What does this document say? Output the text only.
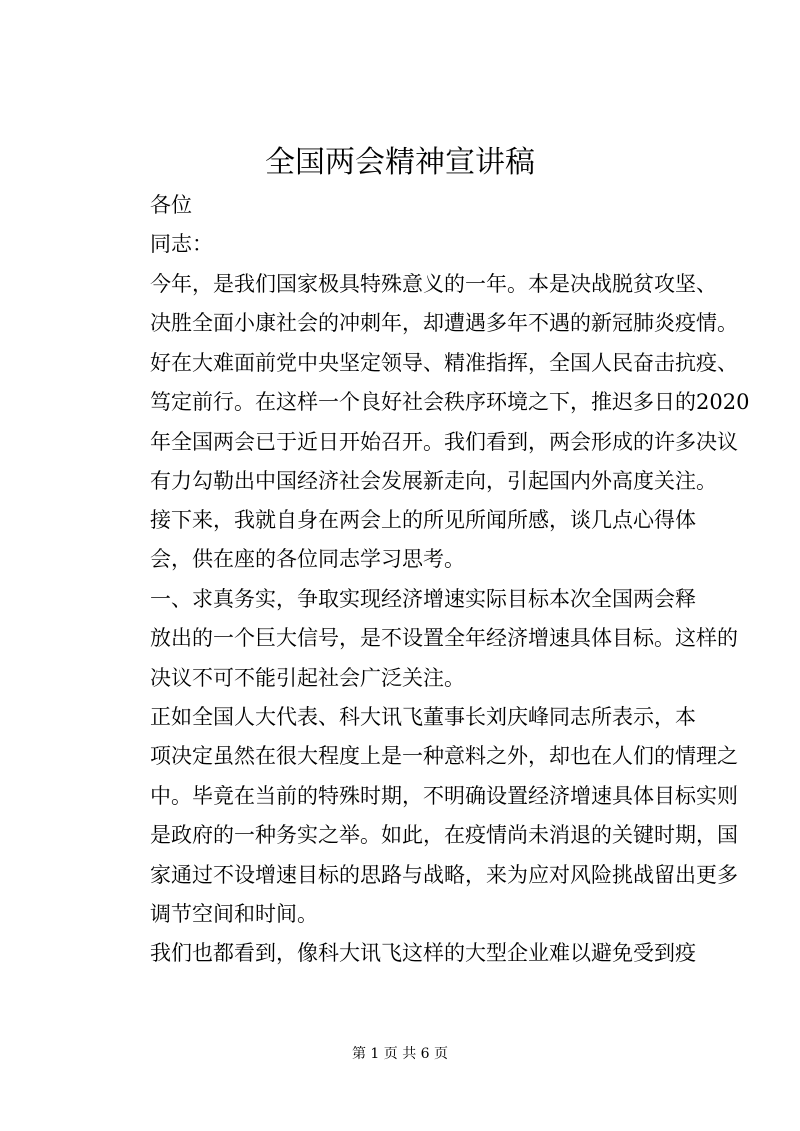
全国两会精神宣讲稿

各位

同志：

今年，是我们国家极具特殊意义的一年。本是决战脱贫攻坚、
决胜全面小康社会的冲刺年，却遭遇多年不遇的新冠肺炎疫情。
好在大难面前党中央坚定领导、精准指挥，全国人民奋击抗疫、
笃定前行。在这样一个良好社会秩序环境之下，推迟多日的2020
年全国两会已于近日开始召开。我们看到，两会形成的许多决议
有力勾勒出中国经济社会发展新走向，引起国内外高度关注。
接下来，我就自身在两会上的所见所闻所感，谈几点心得体
会，供在座的各位同志学习思考。
一、求真务实，争取实现经济增速实际目标本次全国两会释
放出的一个巨大信号，是不设置全年经济增速具体目标。这样的
决议不可不能引起社会广泛关注。
正如全国人大代表、科大讯飞董事长刘庆峰同志所表示，本
项决定虽然在很大程度上是一种意料之外，却也在人们的情理之
中。毕竟在当前的特殊时期，不明确设置经济增速具体目标实则
是政府的一种务实之举。如此，在疫情尚未消退的关键时期，国
家通过不设增速目标的思路与战略，来为应对风险挑战留出更多
调节空间和时间。
我们也都看到，像科大讯飞这样的大型企业难以避免受到疫
第 1 页 共 6 页
